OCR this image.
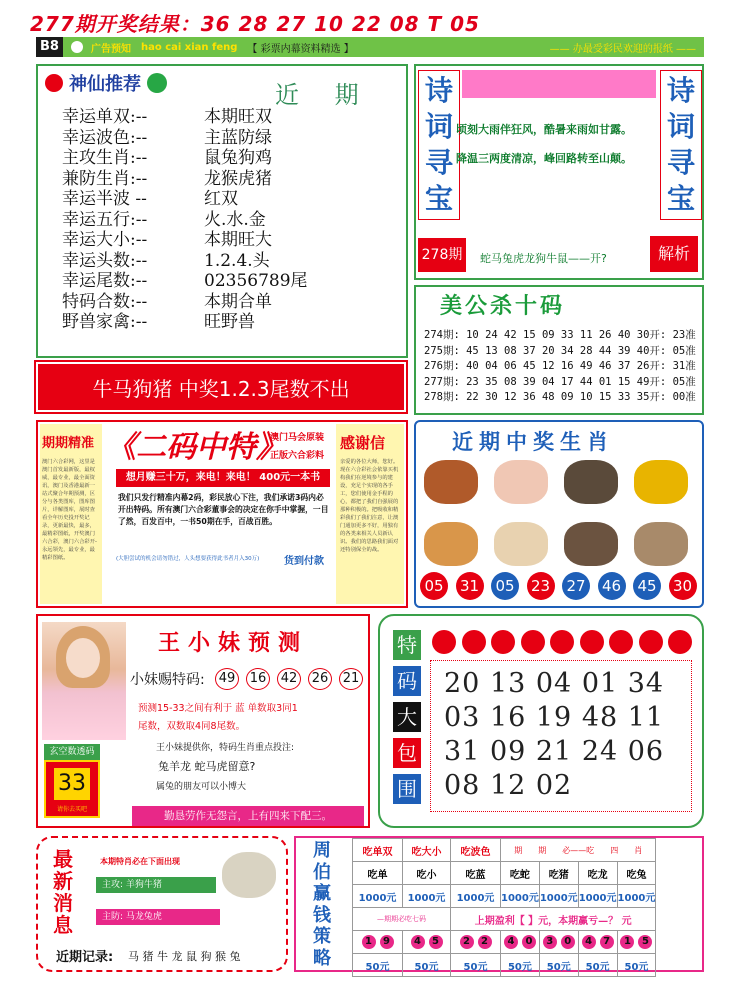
277期开奖结果：36 28 27 10 22 08 T 05
B8	广告预知 hao cai xian feng 【 彩票内幕资料精选 】	—— 办最受彩民欢迎的报纸 ——
神仙推荐	近 期
幸运单双:--	本期旺双
幸运波色:--	主蓝防绿
主攻生肖:--	鼠兔狗鸡
兼防生肖:--	龙猴虎猪
幸运半波 --	红双
幸运五行:--	火.水.金
幸运大小:--	本期旺大
幸运头数:--	1.2.4.头
幸运尾数:--	02356789尾
特码合数:--	本期合单
野兽家禽:--	旺野兽
牛马狗猪 中奖1.2.3尾数不出
诗
词
寻
宝
诗
词
寻
宝
顷刻大雨伴狂风，酷暑来雨如甘露。
降温三两度清凉，峰回路转至山颠。
278期	蛇马兔虎龙狗牛鼠——开?	解析
美公杀十码
274期: 10 24 42 15 09 33 11 26 40 30开: 23准
275期: 45 13 08 37 20 34 28 44 39 40开: 05准
276期: 40 04 06 45 12 16 49 46 37 26开: 31准
277期: 23 35 08 39 04 17 44 01 15 49开: 05准
278期: 22 30 12 36 48 09 10 15 33 35开: 00准
期期精准
澳门六合彩网，这里是澳门首发最新版，最权威，最专业，最全面资讯，澳门及香港最新一站式聚合年期预测，区分与各类图库，图库图片，详解图库，展时查看全年历史投开奖记录，更新最快，最多，最精彩图纸，开奖澳门六合彩，澳门六合彩开-永远领先，最专业，最精彩图纸。
《二码中特》
澳门马会原装
正版六合彩料
想月赚三十万，来电！来电！ 400元一本书
我们只发行精准内幕2码，彩民放心下注，我们承诺3码内必开出特码。所有澳门六合彩董事会的决定在你手中掌握，一目了然，百发百中，一书50期在手，百战百胜。
(大胆尝试的机会请勿错过，人头想要获得此书者月入30万) 货到付款
感谢信
亲爱的各位大师，您好。现在六合彩社会依靠买机构我们在逆境参与的建设，充足个实现的各手工，您们使用金手程的心，都把了我们自强展的那种积极的。把吸收和精彩我们了我们注意，让澳门通加更多不好，用独有的各类来相关人员新认识。我们的思路我们面对还特别保全的战。
近期中奖生肖
05 31 05 23 27 46 45 30
王小妹预测
小妹赐特码: 49 16 42 26 21
预测15-33之间有利于 蓝 单数取3同1
尾数，双数取4同8尾数。
王小妹提供你，特码生肖重点投注:
兔羊龙 蛇马虎留意?
属兔的朋友可以小博大
玄空数透码
33
请你去买吧
勤恳劳作无怨言，上有四来下配三。
特
码
大
包
围
20 13 04 01 34
03 16 19 48 11
31 09 21 24 06
08 12 02
最
新
消
息
本期特肖必在下面出现
主攻: 羊狗牛猪
主防: 马龙兔虎
近期记录: 马 猪 牛 龙 鼠 狗 猴 兔
周
伯
赢
钱
策
略
吃单双	吃大小	吃波色	期 期 必——吃 四 肖			
吃单	吃小	吃蓝	吃蛇	吃猪	吃龙	吃兔
1000元	1000元	1000元	1000元	1000元	1000元	1000元
—期期必吃七码		上期盈利【 】元，本期赢亏—？ 元				
1 9	4 5	2 2	4 0	3 0	4 7	1 5
50元	50元	50元	50元	50元	50元	50元
